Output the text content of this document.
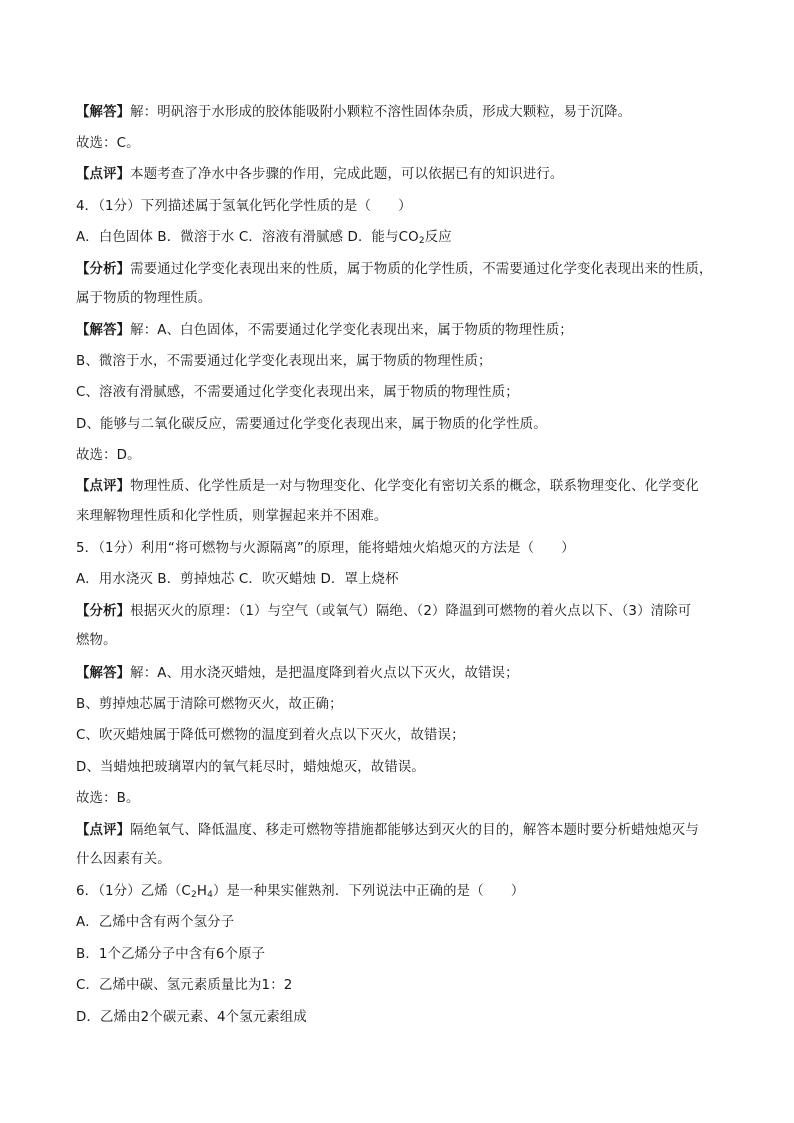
【解答】解：明矾溶于水形成的胶体能吸附小颗粒不溶性固体杂质，形成大颗粒，易于沉降。
故选：C。
【点评】本题考查了净水中各步骤的作用，完成此题，可以依据已有的知识进行。
4．（1分）下列描述属于氢氧化钙化学性质的是（　　）
A．白色固体 B．微溶于水 C．溶液有滑腻感 D．能与$CO_2$反应
【分析】需要通过化学变化表现出来的性质，属于物质的化学性质，不需要通过化学变化表现出来的性质，
属于物质的物理性质。
【解答】解：A、白色固体，不需要通过化学变化表现出来，属于物质的物理性质；
B、微溶于水，不需要通过化学变化表现出来，属于物质的物理性质；
C、溶液有滑腻感，不需要通过化学变化表现出来，属于物质的物理性质；
D、能够与二氧化碳反应，需要通过化学变化表现出来，属于物质的化学性质。
故选：D。
【点评】物理性质、化学性质是一对与物理变化、化学变化有密切关系的概念，联系物理变化、化学变化
来理解物理性质和化学性质，则掌握起来并不困难。
5．（1分）利用“将可燃物与火源隔离”的原理，能将蜡烛火焰熄灭的方法是（　　）
A．用水浇灭 B．剪掉烛芯 C．吹灭蜡烛 D．罩上烧杯
【分析】根据灭火的原理：（1）与空气（或氧气）隔绝、（2）降温到可燃物的着火点以下、（3）清除可
燃物。
【解答】解：A、用水浇灭蜡烛，是把温度降到着火点以下灭火，故错误；
B、剪掉烛芯属于清除可燃物灭火，故正确；
C、吹灭蜡烛属于降低可燃物的温度到着火点以下灭火，故错误；
D、当蜡烛把玻璃罩内的氧气耗尽时，蜡烛熄灭，故错误。
故选：B。
【点评】隔绝氧气、降低温度、移走可燃物等措施都能够达到灭火的目的，解答本题时要分析蜡烛熄灭与
什么因素有关。
6．（1分）乙烯$(C_2H_4)$是一种果实催熟剂．下列说法中正确的是（　　）
A．乙烯中含有两个氢分子
B．1个乙烯分子中含有6个原子
C．乙烯中碳、氢元素质量比为1：2
D．乙烯由2个碳元素、4个氢元素组成
